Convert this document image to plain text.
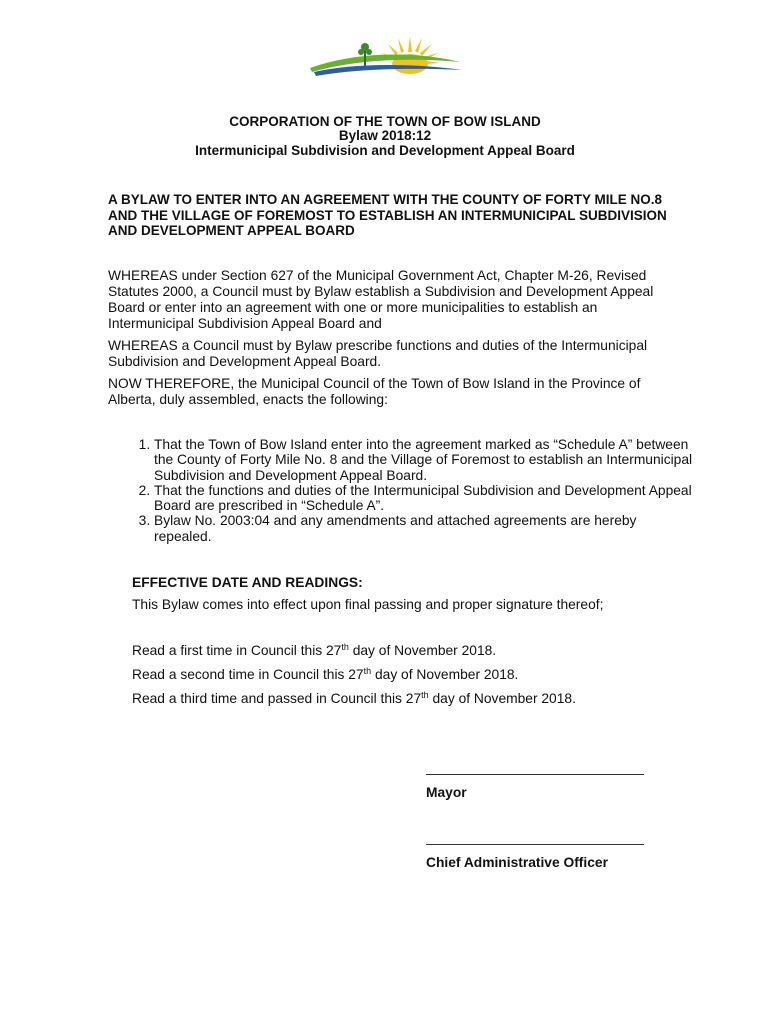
CORPORATION OF THE TOWN OF BOW ISLAND
Bylaw 2018:12
Intermunicipal Subdivision and Development Appeal Board
A BYLAW TO ENTER INTO AN AGREEMENT WITH THE COUNTY OF FORTY MILE NO.8 AND THE VILLAGE OF FOREMOST TO ESTABLISH AN INTERMUNICIPAL SUBDIVISION AND DEVELOPMENT APPEAL BOARD
WHEREAS under Section 627 of the Municipal Government Act, Chapter M-26, Revised Statutes 2000, a Council must by Bylaw establish a Subdivision and Development Appeal Board or enter into an agreement with one or more municipalities to establish an Intermunicipal Subdivision Appeal Board and
WHEREAS a Council must by Bylaw prescribe functions and duties of the Intermunicipal Subdivision and Development Appeal Board.
NOW THEREFORE, the Municipal Council of the Town of Bow Island in the Province of Alberta, duly assembled, enacts the following:
1. That the Town of Bow Island enter into the agreement marked as “Schedule A” between the County of Forty Mile No. 8 and the Village of Foremost to establish an Intermunicipal Subdivision and Development Appeal Board.
2. That the functions and duties of the Intermunicipal Subdivision and Development Appeal Board are prescribed in “Schedule A”.
3. Bylaw No. 2003:04 and any amendments and attached agreements are hereby repealed.
EFFECTIVE DATE AND READINGS:
This Bylaw comes into effect upon final passing and proper signature thereof;
Read a first time in Council this 27th day of November 2018.
Read a second time in Council this 27th day of November 2018.
Read a third time and passed in Council this 27th day of November 2018.
Mayor
Chief Administrative Officer
